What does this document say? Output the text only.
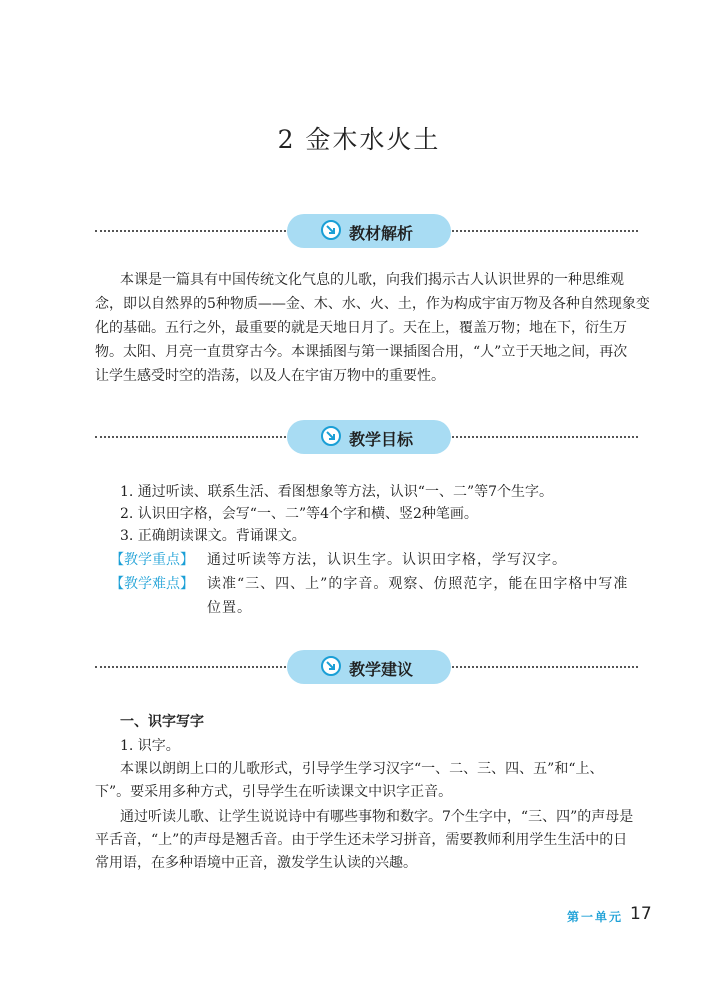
2 金木水火土
教材解析
本课是一篇具有中国传统文化气息的儿歌，向我们揭示古人认识世界的一种思维观
念，即以自然界的5种物质——金、木、水、火、土，作为构成宇宙万物及各种自然现象变
化的基础。五行之外，最重要的就是天地日月了。天在上，覆盖万物；地在下，衍生万
物。太阳、月亮一直贯穿古今。本课插图与第一课插图合用，“人”立于天地之间，再次
让学生感受时空的浩荡，以及人在宇宙万物中的重要性。
教学目标
1. 通过听读、联系生活、看图想象等方法，认识“一、二”等7个生字。
2. 认识田字格，会写“一、二”等4个字和横、竖2种笔画。
3. 正确朗读课文。背诵课文。
【教学重点】 通过听读等方法，认识生字。认识田字格，学写汉字。
【教学难点】 读准“三、四、上”的字音。观察、仿照范字，能在田字格中写准
位置。
教学建议
一、识字写字
1. 识字。
本课以朗朗上口的儿歌形式，引导学生学习汉字“一、二、三、四、五”和“上、
下”。要采用多种方式，引导学生在听读课文中识字正音。
通过听读儿歌、让学生说说诗中有哪些事物和数字。7个生字中，“三、四”的声母是
平舌音，“上”的声母是翘舌音。由于学生还未学习拼音，需要教师利用学生生活中的日
常用语，在多种语境中正音，激发学生认读的兴趣。
第一单元 17
